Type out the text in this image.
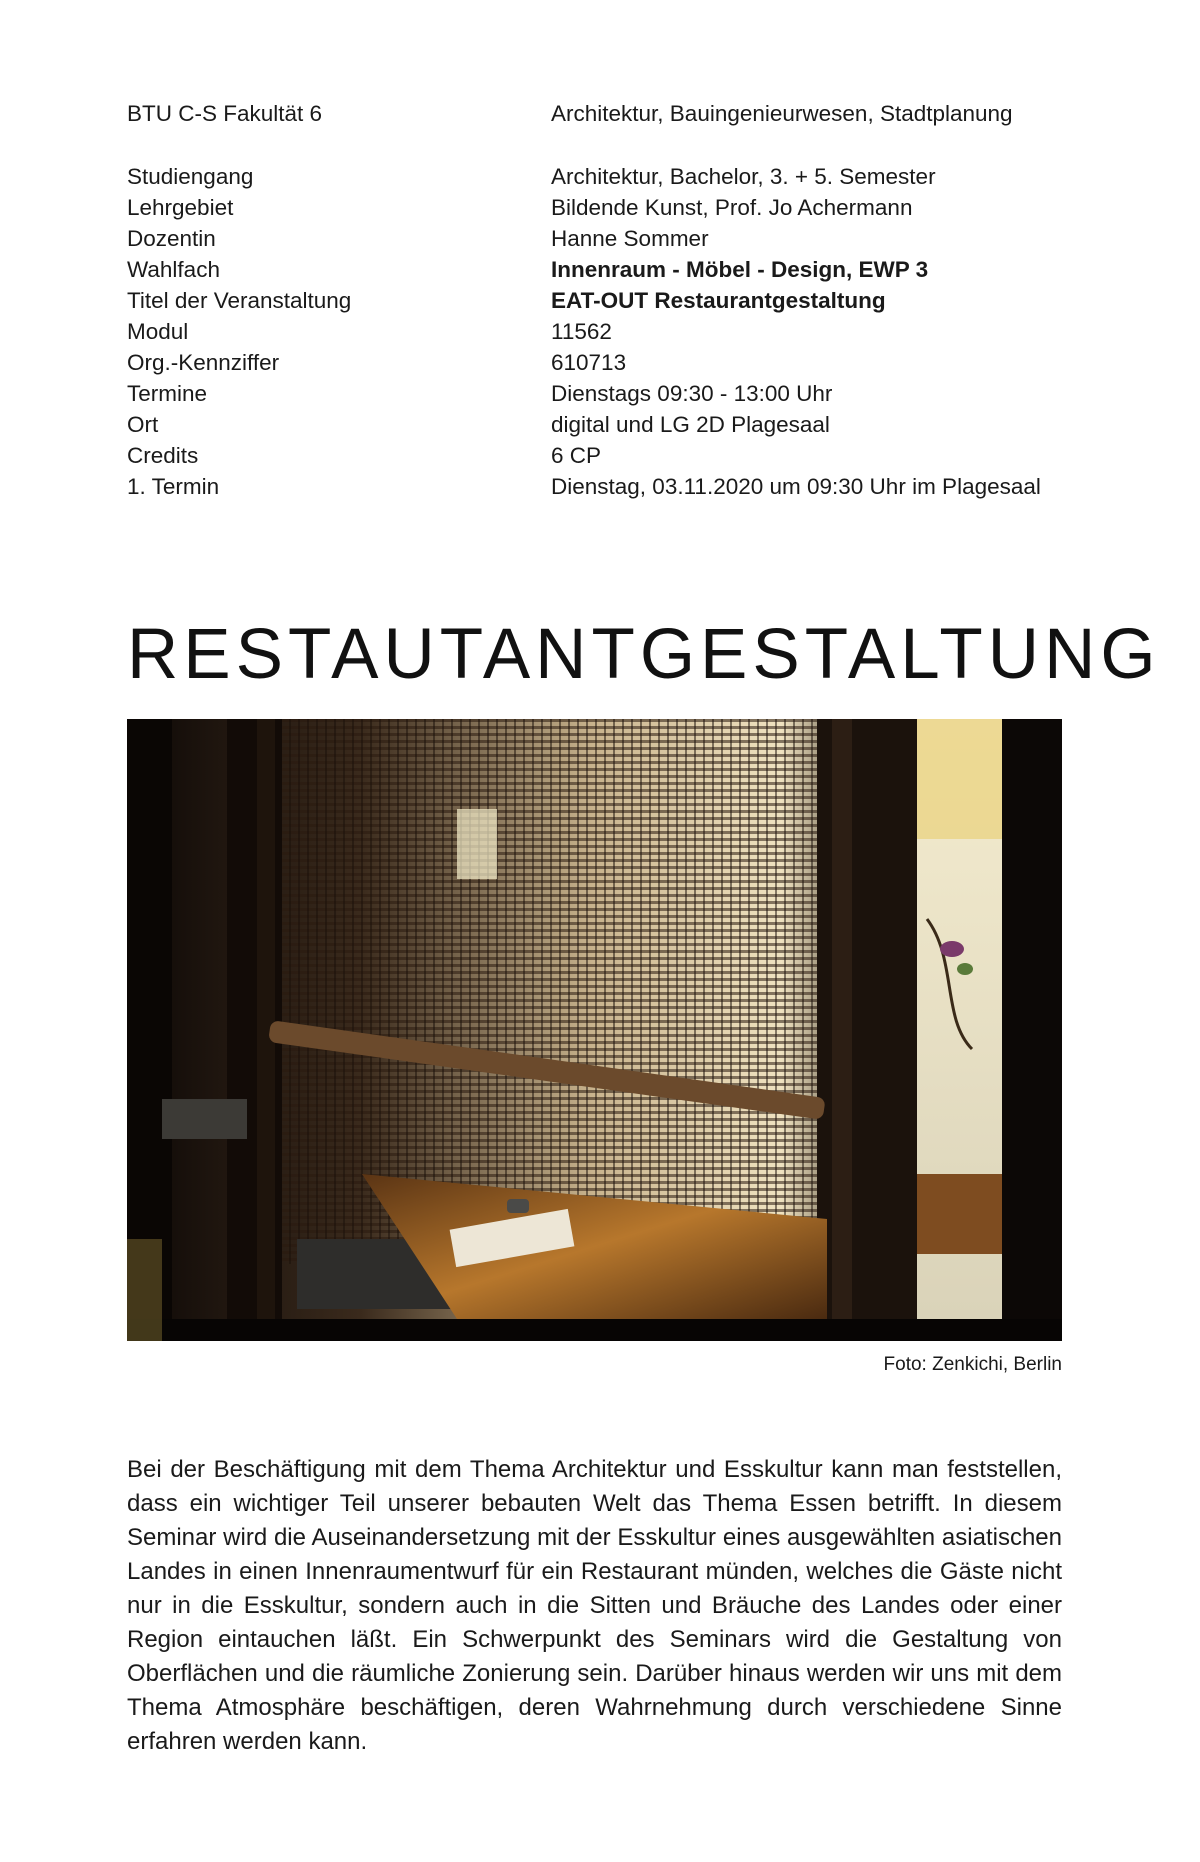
BTU C-S Fakultät 6	Architektur, Bauingenieurwesen, Stadtplanung
Studiengang	Architektur, Bachelor, 3. + 5. Semester
Lehrgebiet	Bildende Kunst, Prof. Jo Achermann
Dozentin	Hanne Sommer
Wahlfach	Innenraum - Möbel - Design, EWP 3
Titel der Veranstaltung	EAT-OUT Restaurantgestaltung
Modul	11562
Org.-Kennziffer	610713
Termine	Dienstags 09:30 - 13:00 Uhr
Ort	digital und LG 2D Plagesaal
Credits	6 CP
1. Termin	Dienstag, 03.11.2020 um 09:30 Uhr im Plagesaal
RESTAUTANTGESTALTUNG
Foto: Zenkichi, Berlin
Bei der Beschäftigung mit dem Thema Architektur und Esskultur kann man feststellen, dass ein wichtiger Teil unserer bebauten Welt das Thema Essen betrifft. In diesem Seminar wird die Auseinandersetzung mit der Esskultur eines ausgewählten asiatischen Landes in einen Innenraumentwurf für ein Restaurant münden, welches die Gäste nicht nur in die Esskultur, sondern auch in die Sitten und Bräuche des Landes oder einer Region eintauchen läßt. Ein Schwerpunkt des Seminars wird die Gestaltung von Oberflächen und die räumliche Zonierung sein. Darüber hinaus werden wir uns mit dem Thema Atmosphäre beschäftigen, deren Wahrnehmung durch verschiedene Sinne erfahren werden kann.
